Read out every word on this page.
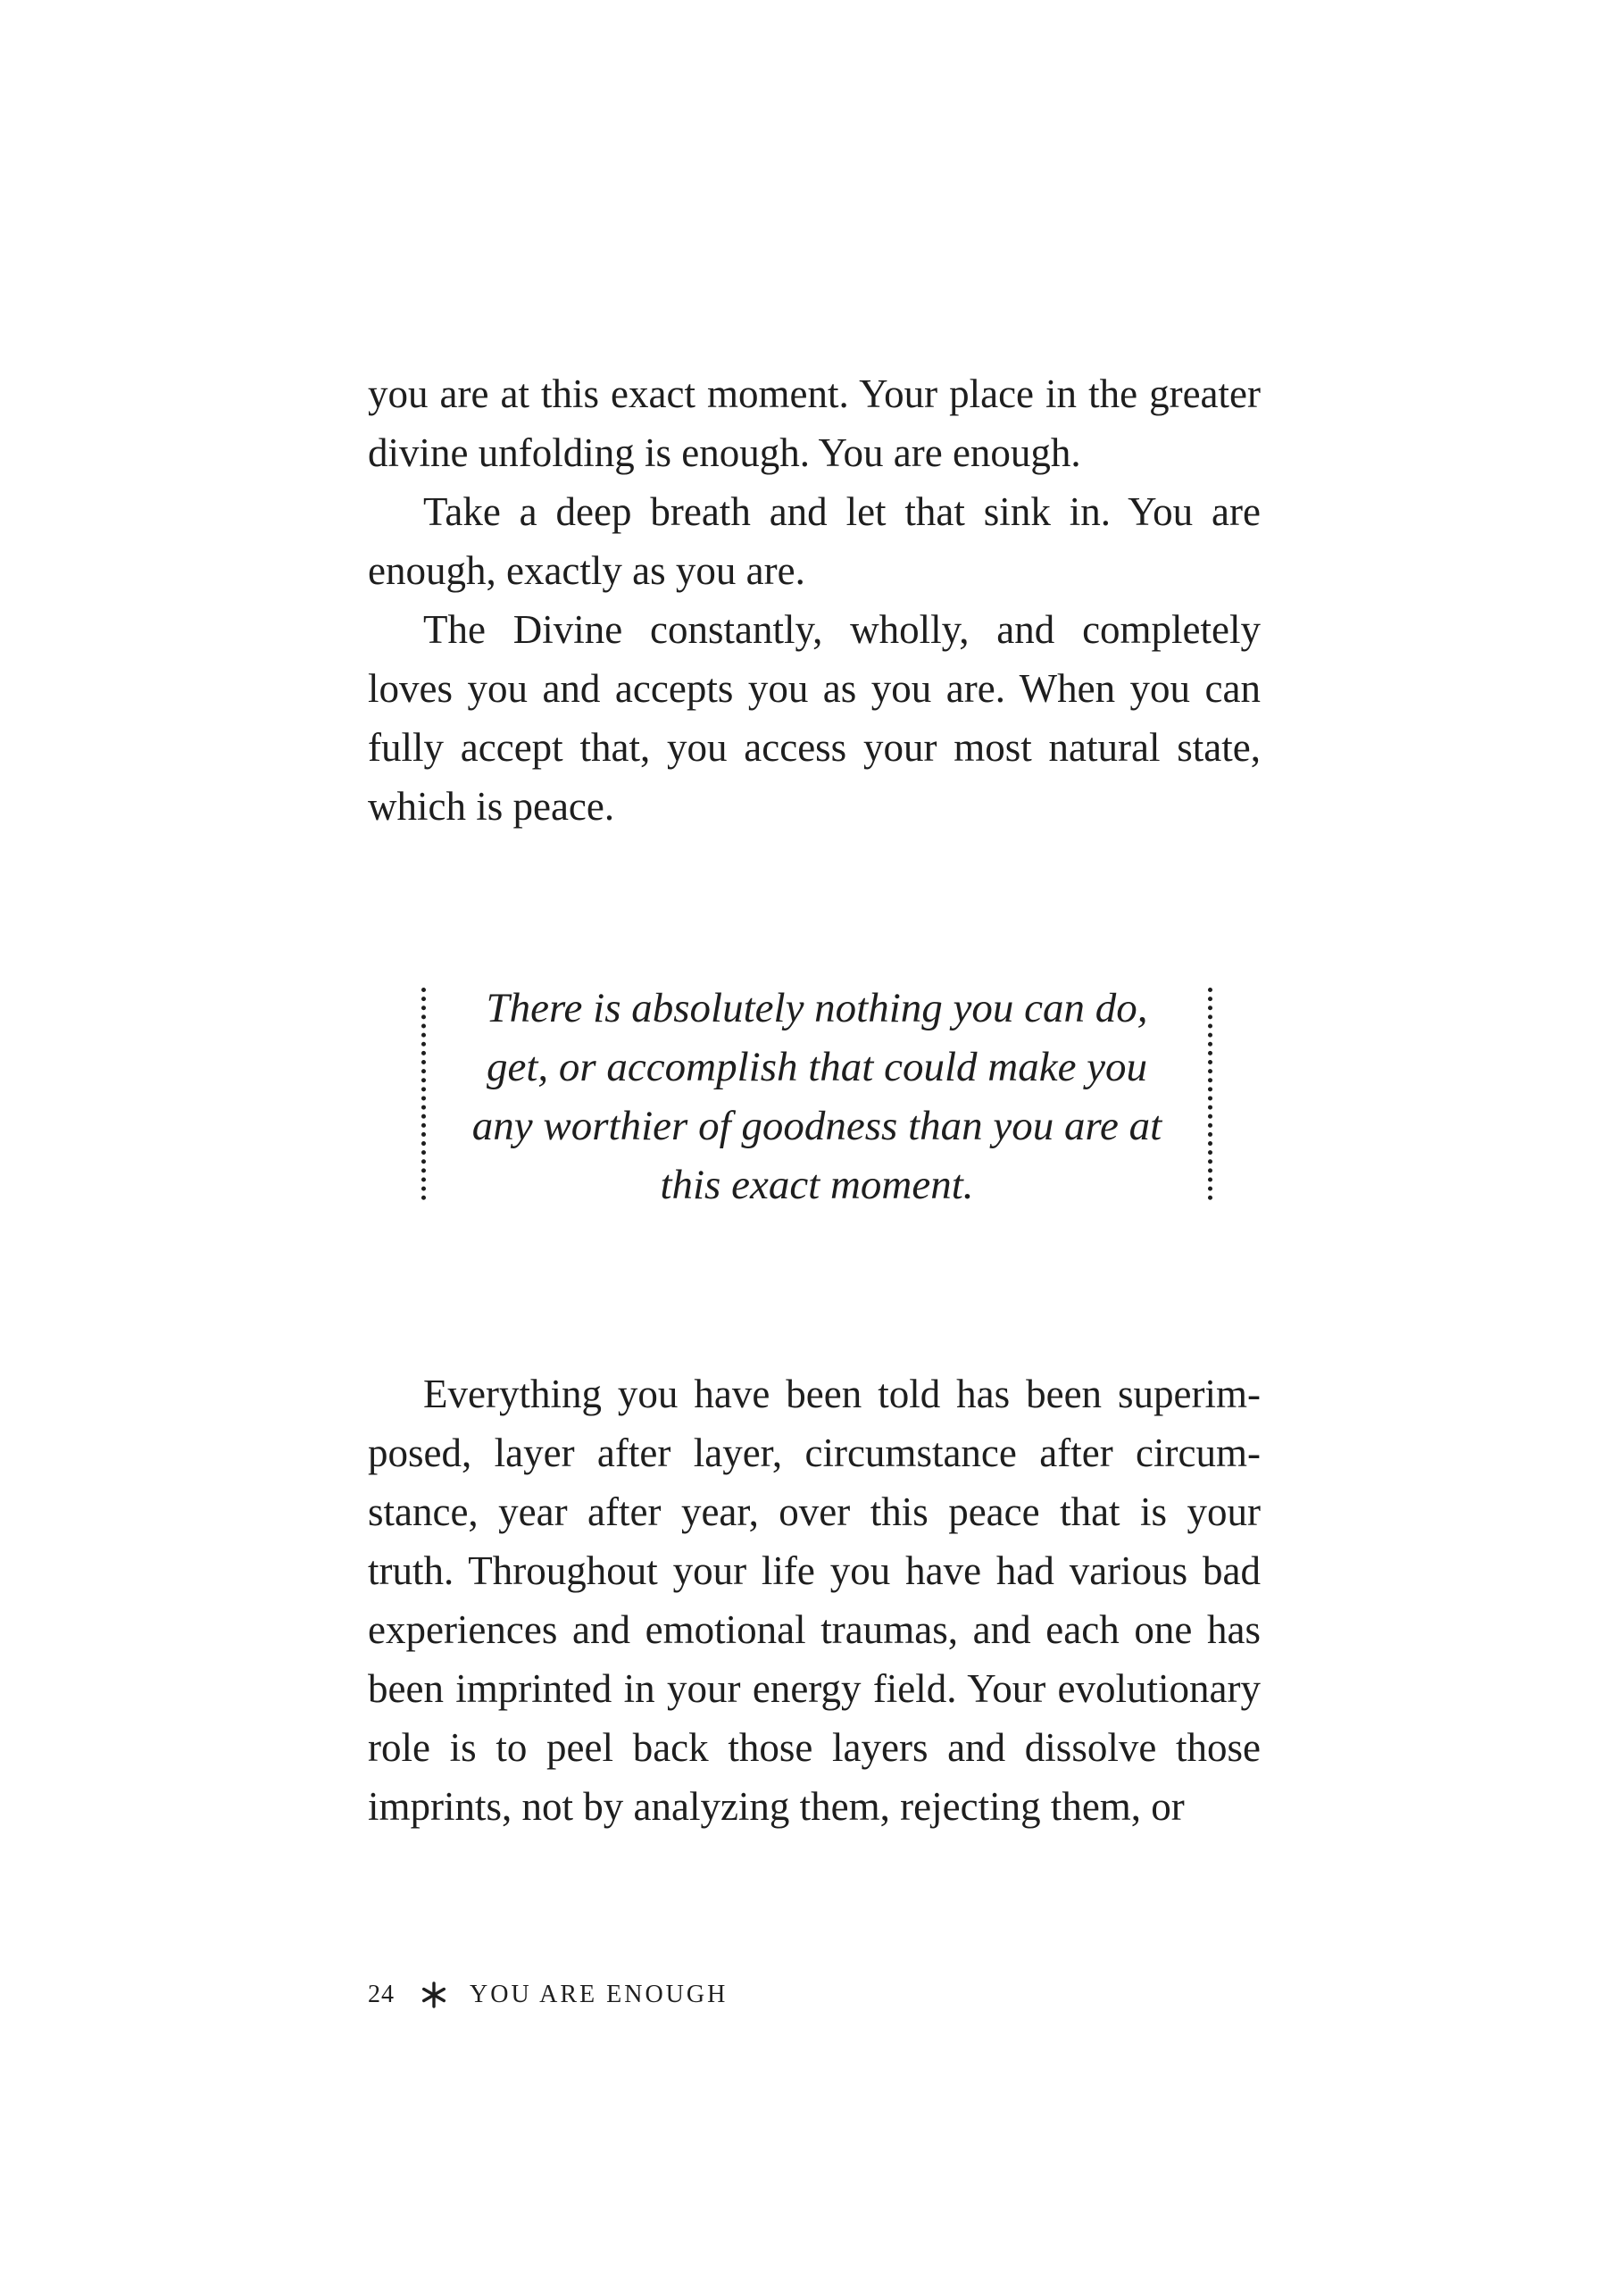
you are at this exact moment. Your place in the greater divine unfolding is enough. You are enough.

Take a deep breath and let that sink in. You are enough, exactly as you are.

The Divine constantly, wholly, and completely loves you and accepts you as you are. When you can fully accept that, you access your most natural state, which is peace.

There is absolutely nothing you can do, get, or accomplish that could make you any worthier of goodness than you are at this exact moment.

Everything you have been told has been superimposed, layer after layer, circumstance after circumstance, year after year, over this peace that is your truth. Throughout your life you have had various bad experiences and emotional traumas, and each one has been imprinted in your energy field. Your evolutionary role is to peel back those layers and dissolve those imprints, not by analyzing them, rejecting them, or

24	YOU ARE ENOUGH
